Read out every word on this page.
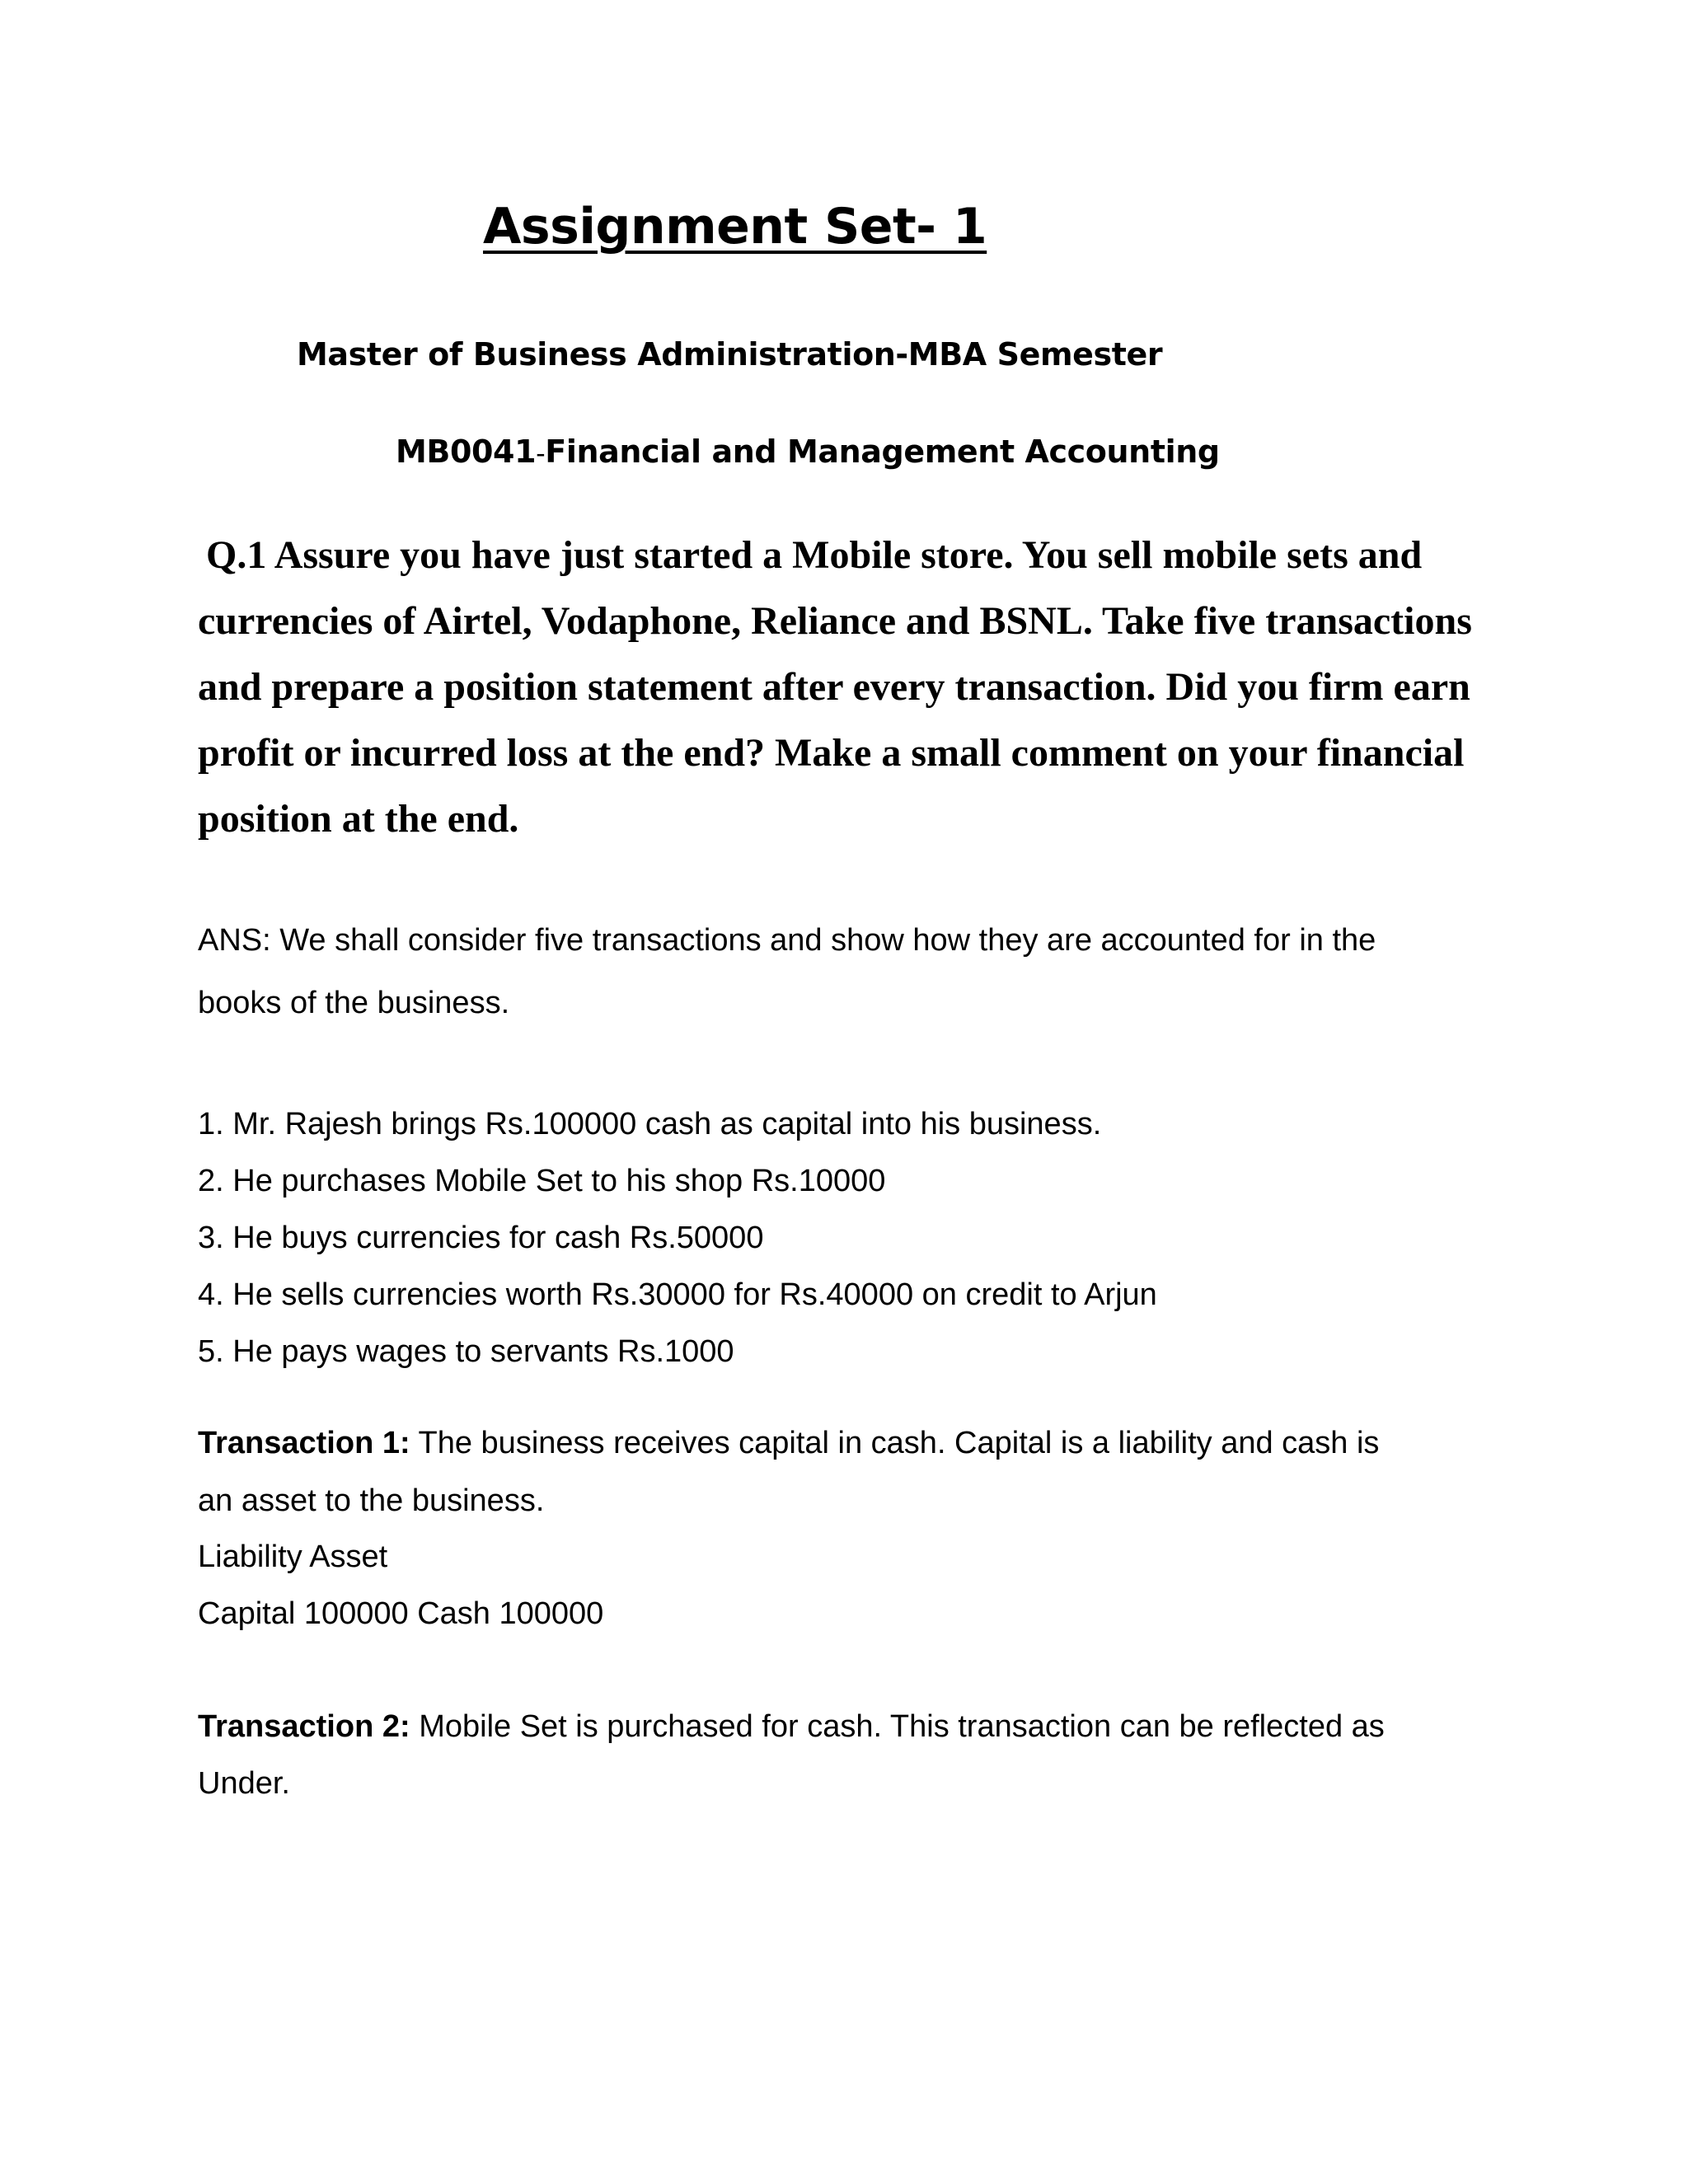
Assignment Set- 1
Master of Business Administration-MBA Semester
MB0041-Financial and Management Accounting
Q.1 Assure you have just started a Mobile store. You sell mobile sets and
currencies of Airtel, Vodaphone, Reliance and BSNL. Take five transactions
and prepare a position statement after every transaction. Did you firm earn
profit or incurred loss at the end? Make a small comment on your financial
position at the end.
ANS: We shall consider five transactions and show how they are accounted for in the
books of the business.
1. Mr. Rajesh brings Rs.100000 cash as capital into his business.
2. He purchases Mobile Set to his shop Rs.10000
3. He buys currencies for cash Rs.50000
4. He sells currencies worth Rs.30000 for Rs.40000 on credit to Arjun
5. He pays wages to servants Rs.1000
Transaction 1: The business receives capital in cash. Capital is a liability and cash is
an asset to the business.
Liability Asset
Capital 100000 Cash 100000
Transaction 2: Mobile Set is purchased for cash. This transaction can be reflected as
Under.
